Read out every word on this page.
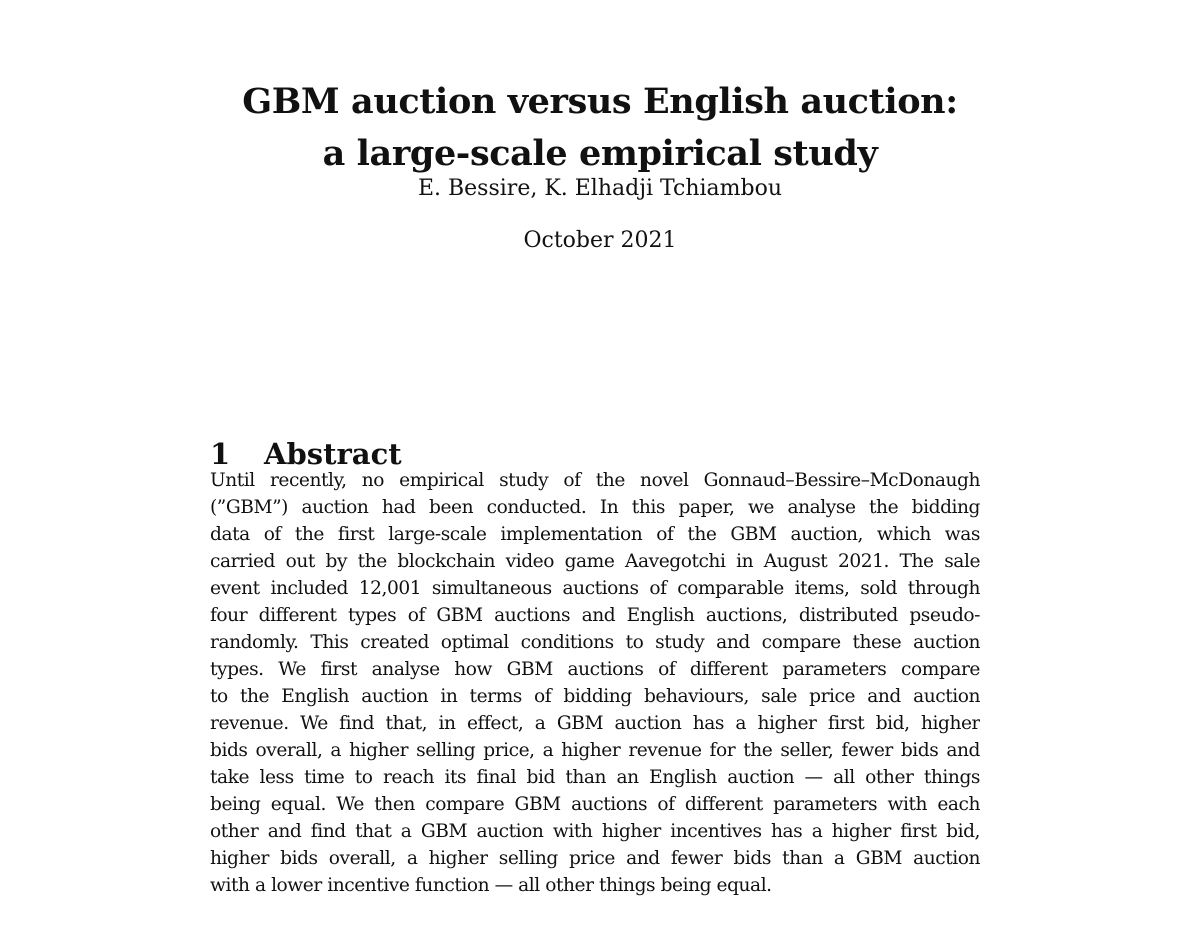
GBM auction versus English auction:
a large-scale empirical study
E. Bessire, K. Elhadji Tchiambou
October 2021
1 Abstract
Until recently, no empirical study of the novel Gonnaud–Bessire–McDonaugh
(”GBM”) auction had been conducted. In this paper, we analyse the bidding
data of the first large-scale implementation of the GBM auction, which was
carried out by the blockchain video game Aavegotchi in August 2021. The sale
event included 12,001 simultaneous auctions of comparable items, sold through
four different types of GBM auctions and English auctions, distributed pseudo-
randomly. This created optimal conditions to study and compare these auction
types. We first analyse how GBM auctions of different parameters compare
to the English auction in terms of bidding behaviours, sale price and auction
revenue. We find that, in effect, a GBM auction has a higher first bid, higher
bids overall, a higher selling price, a higher revenue for the seller, fewer bids and
take less time to reach its final bid than an English auction — all other things
being equal. We then compare GBM auctions of different parameters with each
other and find that a GBM auction with higher incentives has a higher first bid,
higher bids overall, a higher selling price and fewer bids than a GBM auction
with a lower incentive function — all other things being equal.
